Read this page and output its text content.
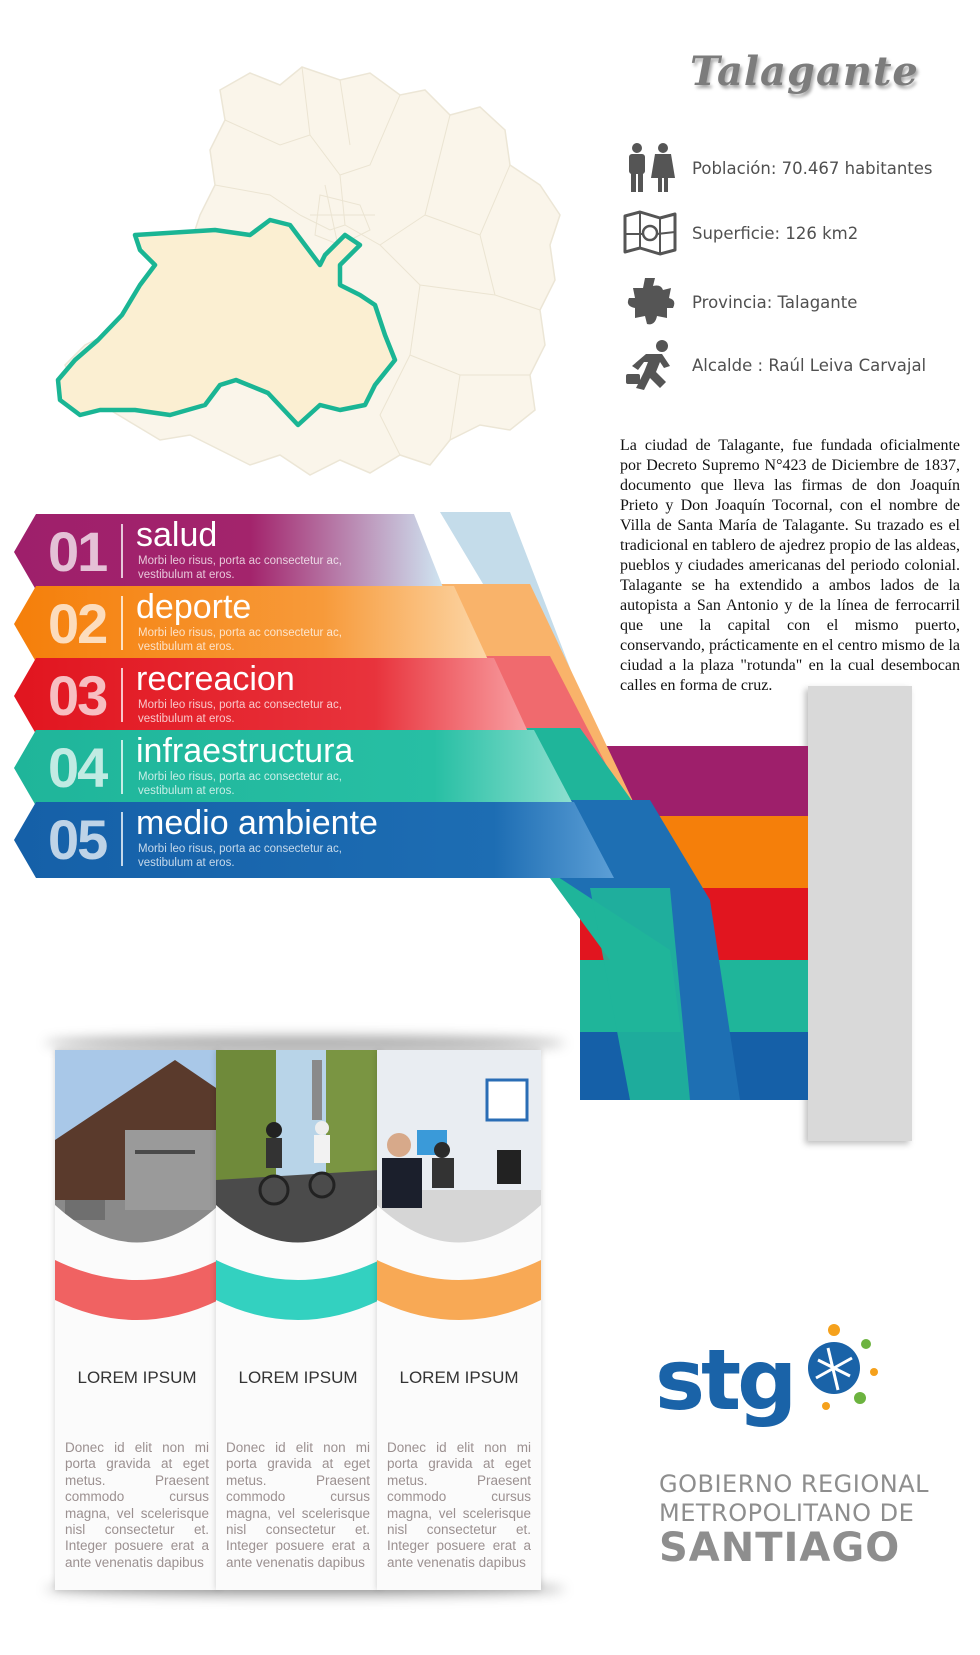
Talagante
Población: 70.467 habitantes
Superficie: 126 km2
Provincia: Talagante
Alcalde : Raúl Leiva Carvajal
La ciudad de Talagante, fue fundada oficialmente por Decreto Supremo N°423 de Diciembre de 1837, documento que lleva las firmas de don Joaquín Prieto y Don Joaquín Tocornal, con el nombre de Villa de Santa María de Talagante. Su trazado es el tradicional en tablero de ajedrez propio de las aldeas, pueblos y ciudades americanas del periodo colonial. Talagante se ha extendido a ambos lados de la autopista a San Antonio y de la línea de ferrocarril que une la capital con el mismo puerto, conservando, prácticamente en el centro mismo de la ciudad a la plaza "rotunda" en la cual desembocan calles en forma de cruz.
01 salud
Morbi leo risus, porta ac consectetur ac, vestibulum at eros.
02 deporte
Morbi leo risus, porta ac consectetur ac, vestibulum at eros.
03 recreacion
Morbi leo risus, porta ac consectetur ac, vestibulum at eros.
04 infraestructura
Morbi leo risus, porta ac consectetur ac, vestibulum at eros.
05 medio ambiente
Morbi leo risus, porta ac consectetur ac, vestibulum at eros.
LOREM IPSUM
Donec id elit non mi porta gravida at eget metus. Praesent commodo cursus magna, vel scelerisque nisl consectetur et. Integer posuere erat a ante venenatis dapibus
LOREM IPSUM
Donec id elit non mi porta gravida at eget metus. Praesent commodo cursus magna, vel scelerisque nisl consectetur et. Integer posuere erat a ante venenatis dapibus
LOREM IPSUM
Donec id elit non mi porta gravida at eget metus. Praesent commodo cursus magna, vel scelerisque nisl consectetur et. Integer posuere erat a ante venenatis dapibus
stg
GOBIERNO REGIONAL
METROPOLITANO DE
SANTIAGO
